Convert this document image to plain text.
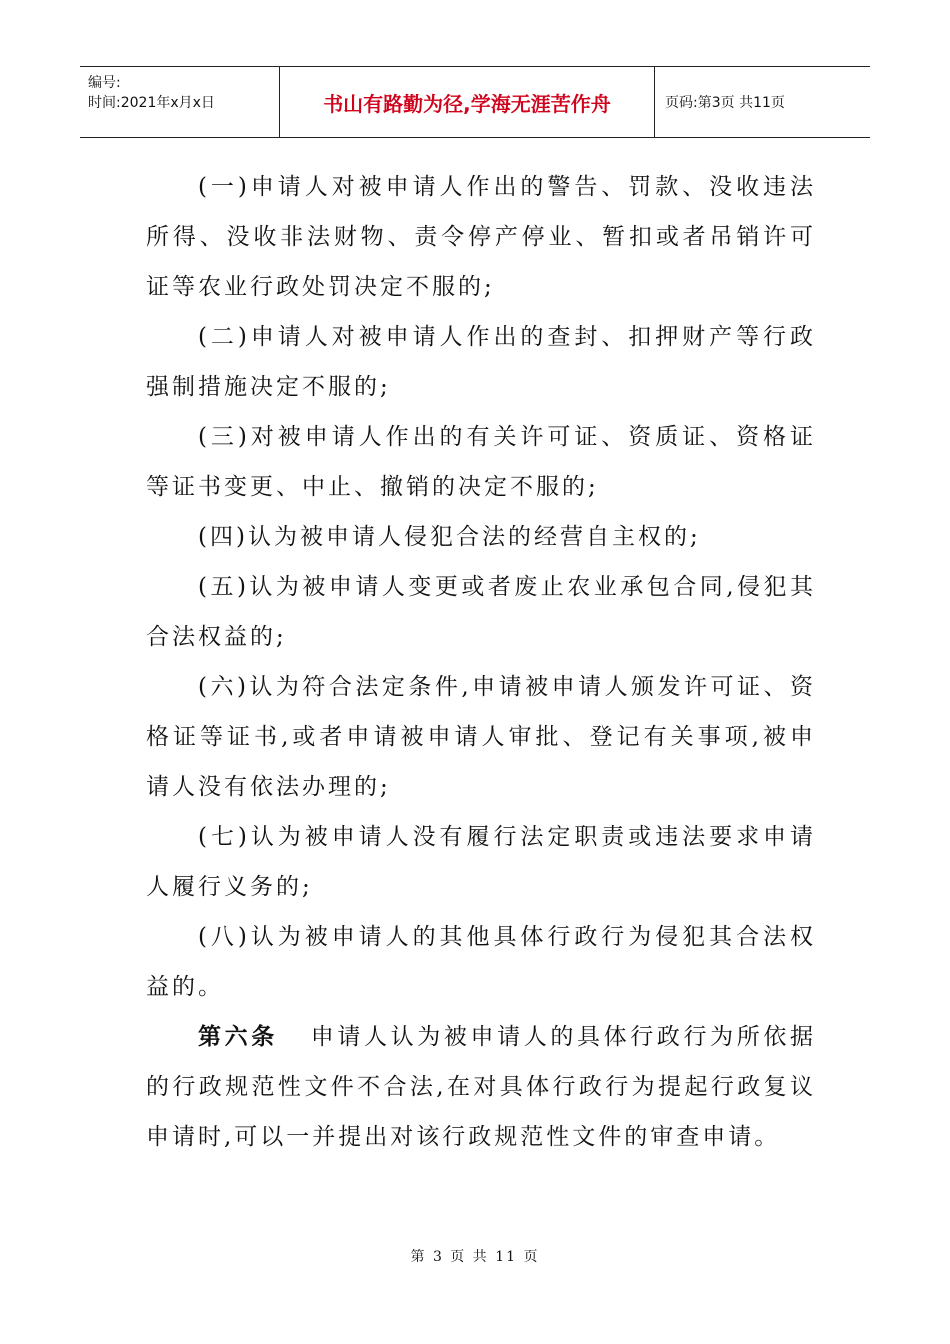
编号:
时间:2021年x月x日	书山有路勤为径,学海无涯苦作舟	页码:第3页 共11页

(一)申请人对被申请人作出的警告、罚款、没收违法所得、没收非法财物、责令停产停业、暂扣或者吊销许可证等农业行政处罚决定不服的;

(二)申请人对被申请人作出的查封、扣押财产等行政强制措施决定不服的;

(三)对被申请人作出的有关许可证、资质证、资格证等证书变更、中止、撤销的决定不服的;

(四)认为被申请人侵犯合法的经营自主权的;

(五)认为被申请人变更或者废止农业承包合同,侵犯其合法权益的;

(六)认为符合法定条件,申请被申请人颁发许可证、资格证等证书,或者申请被申请人审批、登记有关事项,被申请人没有依法办理的;

(七)认为被申请人没有履行法定职责或违法要求申请人履行义务的;

(八)认为被申请人的其他具体行政行为侵犯其合法权益的。

第六条 申请人认为被申请人的具体行政行为所依据的行政规范性文件不合法,在对具体行政行为提起行政复议申请时,可以一并提出对该行政规范性文件的审查申请。

第 3 页 共 11 页
